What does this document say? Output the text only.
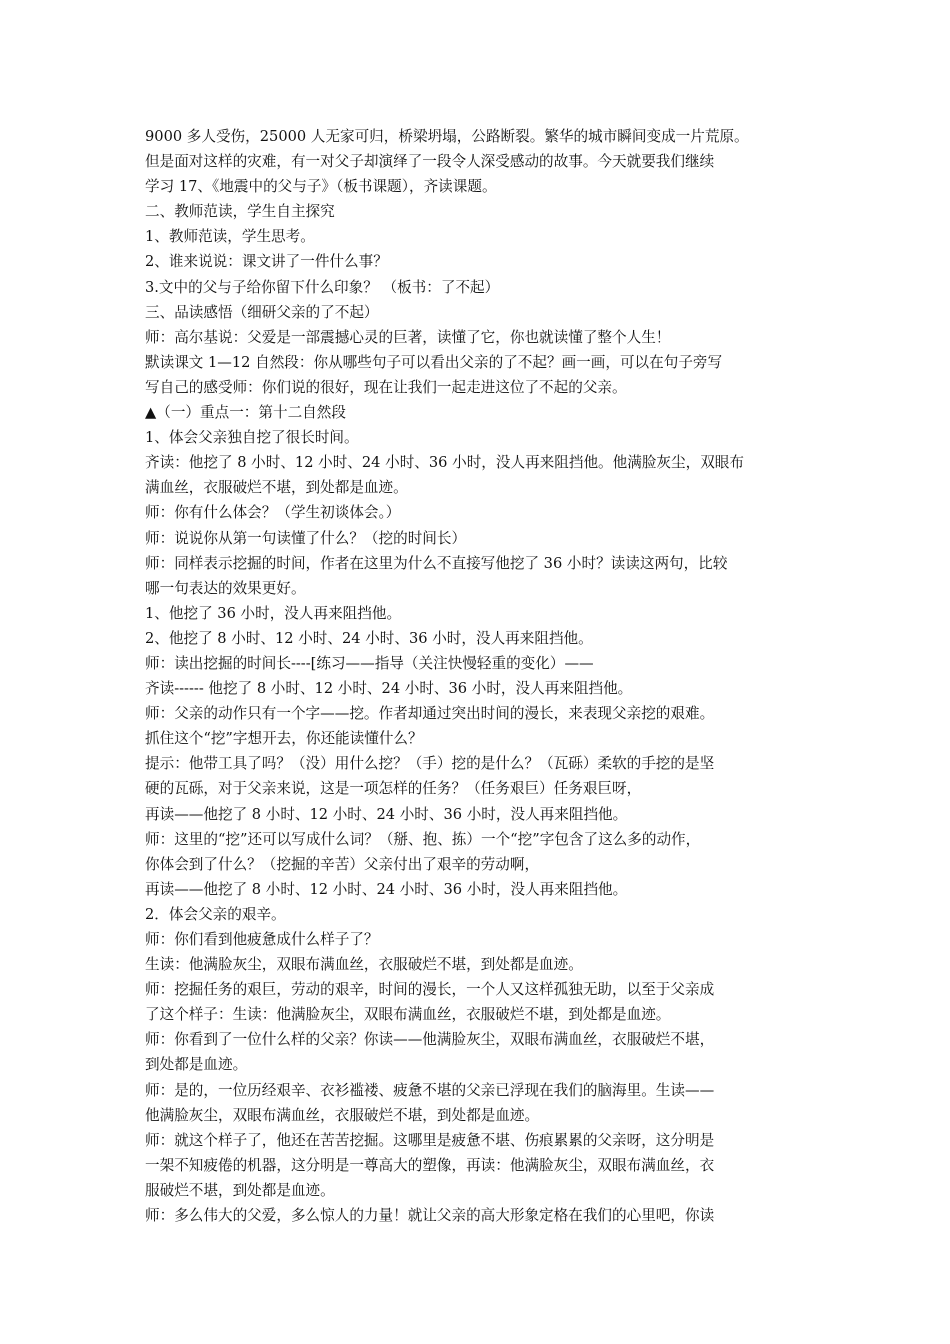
9000 多人受伤，25000 人无家可归，桥梁坍塌，公路断裂。繁华的城市瞬间变成一片荒原。
但是面对这样的灾难，有一对父子却演绎了一段令人深受感动的故事。今天就要我们继续
学习 17、《地震中的父与子》（板书课题），齐读课题。
二、教师范读，学生自主探究
1、教师范读，学生思考。
2、谁来说说：课文讲了一件什么事？
3.文中的父与子给你留下什么印象？ （板书：了不起）
三、品读感悟（细研父亲的了不起）
师：高尔基说：父爱是一部震撼心灵的巨著，读懂了它，你也就读懂了整个人生！
默读课文 1—12 自然段：你从哪些句子可以看出父亲的了不起？画一画，可以在句子旁写
写自己的感受师：你们说的很好，现在让我们一起走进这位了不起的父亲。
▲（一）重点一：第十二自然段
1、体会父亲独自挖了很长时间。
齐读：他挖了 8 小时、12 小时、24 小时、36 小时，没人再来阻挡他。他满脸灰尘，双眼布
满血丝，衣服破烂不堪，到处都是血迹。
师：你有什么体会？（学生初谈体会。）
师：说说你从第一句读懂了什么？（挖的时间长）
师：同样表示挖掘的时间，作者在这里为什么不直接写他挖了 36 小时？读读这两句，比较
哪一句表达的效果更好。
1、他挖了 36 小时，没人再来阻挡他。
2、他挖了 8 小时、12 小时、24 小时、36 小时，没人再来阻挡他。
师：读出挖掘的时间长----[练习——指导（关注快慢轻重的变化）——
齐读------ 他挖了 8 小时、12 小时、24 小时、36 小时，没人再来阻挡他。
师：父亲的动作只有一个字——挖。作者却通过突出时间的漫长，来表现父亲挖的艰难。
抓住这个“挖”字想开去，你还能读懂什么？
提示：他带工具了吗？（没）用什么挖？（手）挖的是什么？（瓦砾）柔软的手挖的是坚
硬的瓦砾，对于父亲来说，这是一项怎样的任务？（任务艰巨）任务艰巨呀，
再读——他挖了 8 小时、12 小时、24 小时、36 小时，没人再来阻挡他。
师：这里的“挖”还可以写成什么词？（掰、抱、拣）一个“挖”字包含了这么多的动作，
你体会到了什么？（挖掘的辛苦）父亲付出了艰辛的劳动啊，
再读——他挖了 8 小时、12 小时、24 小时、36 小时，没人再来阻挡他。
2．体会父亲的艰辛。
师：你们看到他疲惫成什么样子了？
生读：他满脸灰尘，双眼布满血丝，衣服破烂不堪，到处都是血迹。
师：挖掘任务的艰巨，劳动的艰辛，时间的漫长，一个人又这样孤独无助，以至于父亲成
了这个样子：生读：他满脸灰尘，双眼布满血丝，衣服破烂不堪，到处都是血迹。
师：你看到了一位什么样的父亲？你读——他满脸灰尘，双眼布满血丝，衣服破烂不堪，
到处都是血迹。
师：是的，一位历经艰辛、衣衫褴褛、疲惫不堪的父亲已浮现在我们的脑海里。生读——
他满脸灰尘，双眼布满血丝，衣服破烂不堪，到处都是血迹。
师：就这个样子了，他还在苦苦挖掘。这哪里是疲惫不堪、伤痕累累的父亲呀，这分明是
一架不知疲倦的机器，这分明是一尊高大的塑像，再读：他满脸灰尘，双眼布满血丝，衣
服破烂不堪，到处都是血迹。
师：多么伟大的父爱，多么惊人的力量！就让父亲的高大形象定格在我们的心里吧，你读
